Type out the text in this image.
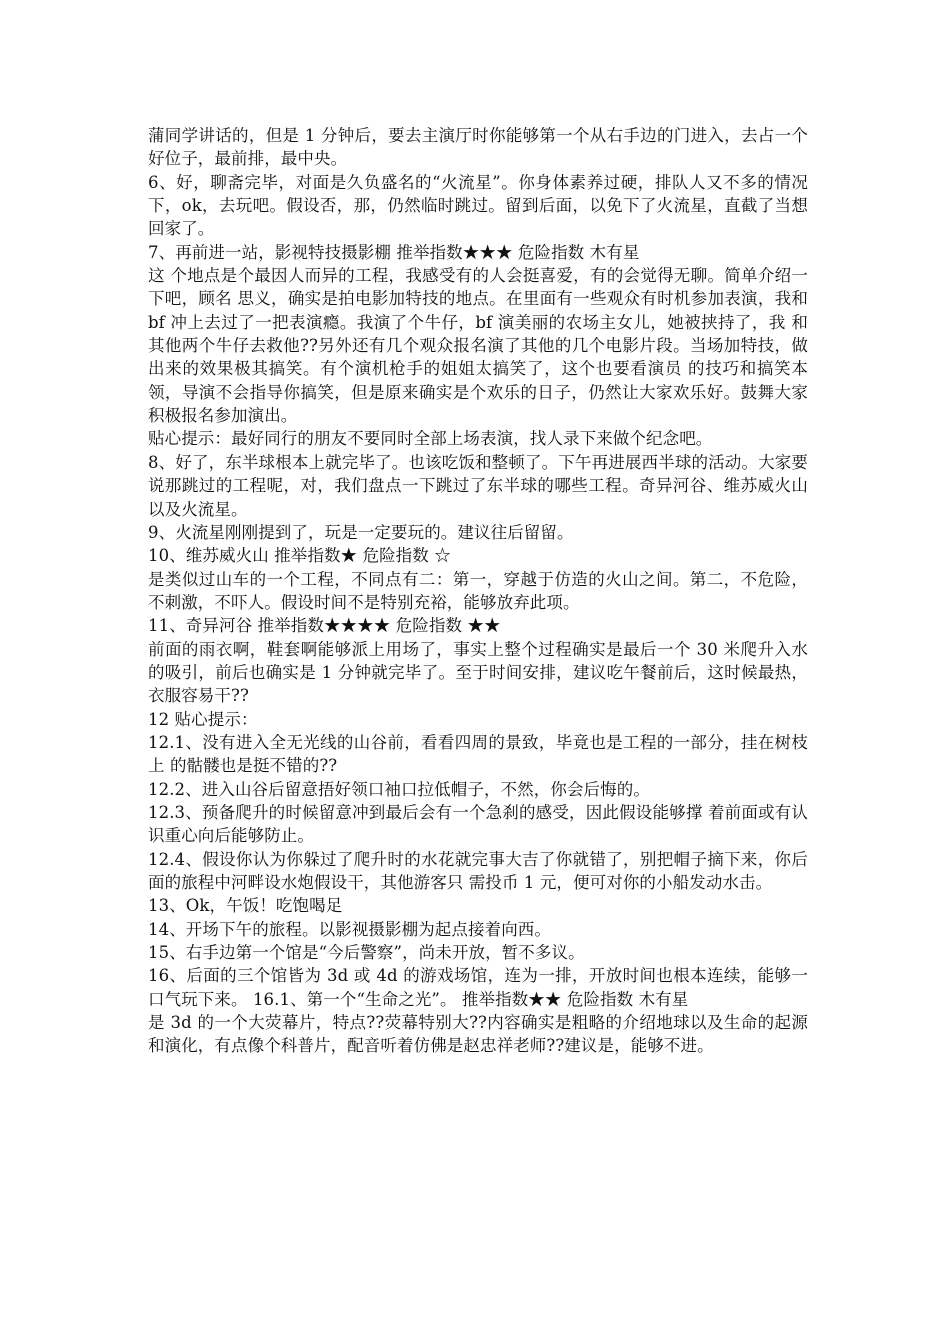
蒲同学讲话的，但是 1 分钟后，要去主演厅时你能够第一个从右手边的门进入，去占一个好位子，最前排，最中央。

6、好，聊斋完毕，对面是久负盛名的“火流星”。你身体素养过硬，排队人又不多的情况下，ok，去玩吧。假设否，那，仍然临时跳过。留到后面，以免下了火流星，直截了当想回家了。

7、再前进一站，影视特技摄影棚 推举指数★★★ 危险指数 木有星

这 个地点是个最因人而异的工程，我感受有的人会挺喜爱，有的会觉得无聊。简单介绍一下吧，顾名 思义，确实是拍电影加特技的地点。在里面有一些观众有时机参加表演，我和 bf 冲上去过了一把表演瘾。我演了个牛仔，bf 演美丽的农场主女儿，她被挟持了，我 和其他两个牛仔去救他??另外还有几个观众报名演了其他的几个电影片段。当场加特技，做出来的效果极其搞笑。有个演机枪手的姐姐太搞笑了，这个也要看演员 的技巧和搞笑本领，导演不会指导你搞笑，但是原来确实是个欢乐的日子，仍然让大家欢乐好。鼓舞大家积极报名参加演出。

贴心提示：最好同行的朋友不要同时全部上场表演，找人录下来做个纪念吧。

8、好了，东半球根本上就完毕了。也该吃饭和整顿了。下午再进展西半球的活动。大家要说那跳过的工程呢，对，我们盘点一下跳过了东半球的哪些工程。奇异河谷、维苏威火山以及火流星。

9、火流星刚刚提到了，玩是一定要玩的。建议往后留留。

10、维苏威火山 推举指数★ 危险指数 ☆

是类似过山车的一个工程，不同点有二：第一，穿越于仿造的火山之间。第二，不危险，不刺激，不吓人。假设时间不是特别充裕，能够放弃此项。

11、奇异河谷 推举指数★★★★ 危险指数 ★★

前面的雨衣啊，鞋套啊能够派上用场了，事实上整个过程确实是最后一个 30 米爬升入水的吸引，前后也确实是 1 分钟就完毕了。至于时间安排，建议吃午餐前后，这时候最热，衣服容易干??

12 贴心提示：

12.1、没有进入全无光线的山谷前，看看四周的景致，毕竟也是工程的一部分，挂在树枝上 的骷髅也是挺不错的??

12.2、进入山谷后留意捂好领口袖口拉低帽子，不然，你会后悔的。

12.3、预备爬升的时候留意冲到最后会有一个急刹的感受，因此假设能够撑 着前面或有认识重心向后能够防止。

12.4、假设你认为你躲过了爬升时的水花就完事大吉了你就错了，别把帽子摘下来，你后面的旅程中河畔设水炮假设干，其他游客只 需投币 1 元，便可对你的小船发动水击。

13、Ok，午饭！吃饱喝足

14、开场下午的旅程。以影视摄影棚为起点接着向西。

15、右手边第一个馆是“今后警察”，尚未开放，暂不多议。

16、后面的三个馆皆为 3d 或 4d 的游戏场馆，连为一排，开放时间也根本连续，能够一口气玩下来。 16.1、第一个“生命之光”。 推举指数★★ 危险指数 木有星

是 3d 的一个大荧幕片，特点??荧幕特别大??内容确实是粗略的介绍地球以及生命的起源和演化，有点像个科普片，配音听着仿佛是赵忠祥老师??建议是，能够不进。
